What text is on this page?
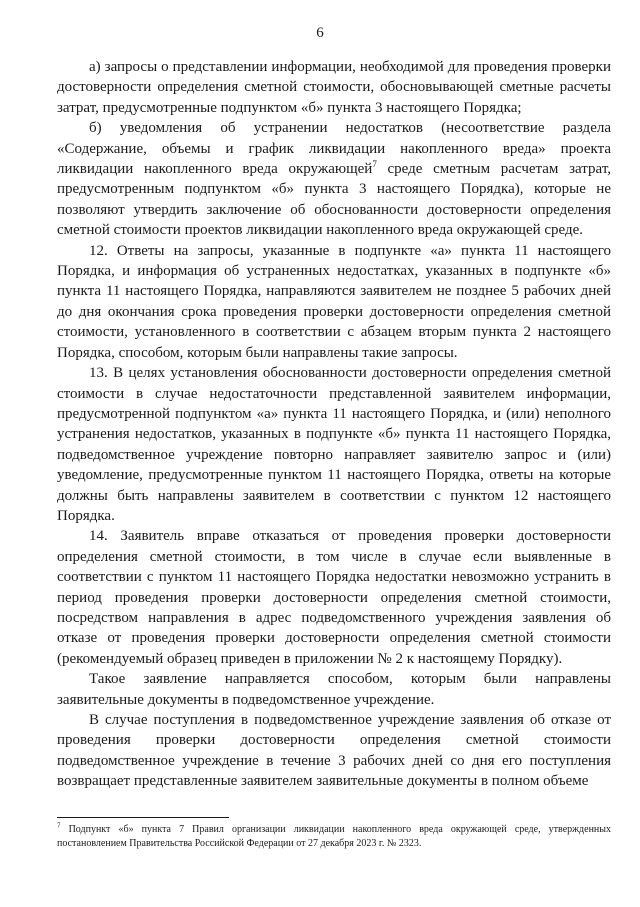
6

а) запросы о представлении информации, необходимой для проведения проверки достоверности определения сметной стоимости, обосновывающей сметные расчеты затрат, предусмотренные подпунктом «б» пункта 3 настоящего Порядка;

б) уведомления об устранении недостатков (несоответствие раздела «Содержание, объемы и график ликвидации накопленного вреда» проекта ликвидации накопленного вреда окружающей$^7$ среде сметным расчетам затрат, предусмотренным подпунктом «б» пункта 3 настоящего Порядка), которые не позволяют утвердить заключение об обоснованности достоверности определения сметной стоимости проектов ликвидации накопленного вреда окружающей среде.

12. Ответы на запросы, указанные в подпункте «а» пункта 11 настоящего Порядка, и информация об устраненных недостатках, указанных в подпункте «б» пункта 11 настоящего Порядка, направляются заявителем не позднее 5 рабочих дней до дня окончания срока проведения проверки достоверности определения сметной стоимости, установленного в соответствии с абзацем вторым пункта 2 настоящего Порядка, способом, которым были направлены такие запросы.

13. В целях установления обоснованности достоверности определения сметной стоимости в случае недостаточности представленной заявителем информации, предусмотренной подпунктом «а» пункта 11 настоящего Порядка, и (или) неполного устранения недостатков, указанных в подпункте «б» пункта 11 настоящего Порядка, подведомственное учреждение повторно направляет заявителю запрос и (или) уведомление, предусмотренные пунктом 11 настоящего Порядка, ответы на которые должны быть направлены заявителем в соответствии с пунктом 12 настоящего Порядка.

14. Заявитель вправе отказаться от проведения проверки достоверности определения сметной стоимости, в том числе в случае если выявленные в соответствии с пунктом 11 настоящего Порядка недостатки невозможно устранить в период проведения проверки достоверности определения сметной стоимости, посредством направления в адрес подведомственного учреждения заявления об отказе от проведения проверки достоверности определения сметной стоимости (рекомендуемый образец приведен в приложении № 2 к настоящему Порядку).

Такое заявление направляется способом, которым были направлены заявительные документы в подведомственное учреждение.

В случае поступления в подведомственное учреждение заявления об отказе от проведения проверки достоверности определения сметной стоимости подведомственное учреждение в течение 3 рабочих дней со дня его поступления возвращает представленные заявителем заявительные документы в полном объеме

$^7$ Подпункт «б» пункта 7 Правил организации ликвидации накопленного вреда окружающей среде, утвержденных постановлением Правительства Российской Федерации от 27 декабря 2023 г. № 2323.
